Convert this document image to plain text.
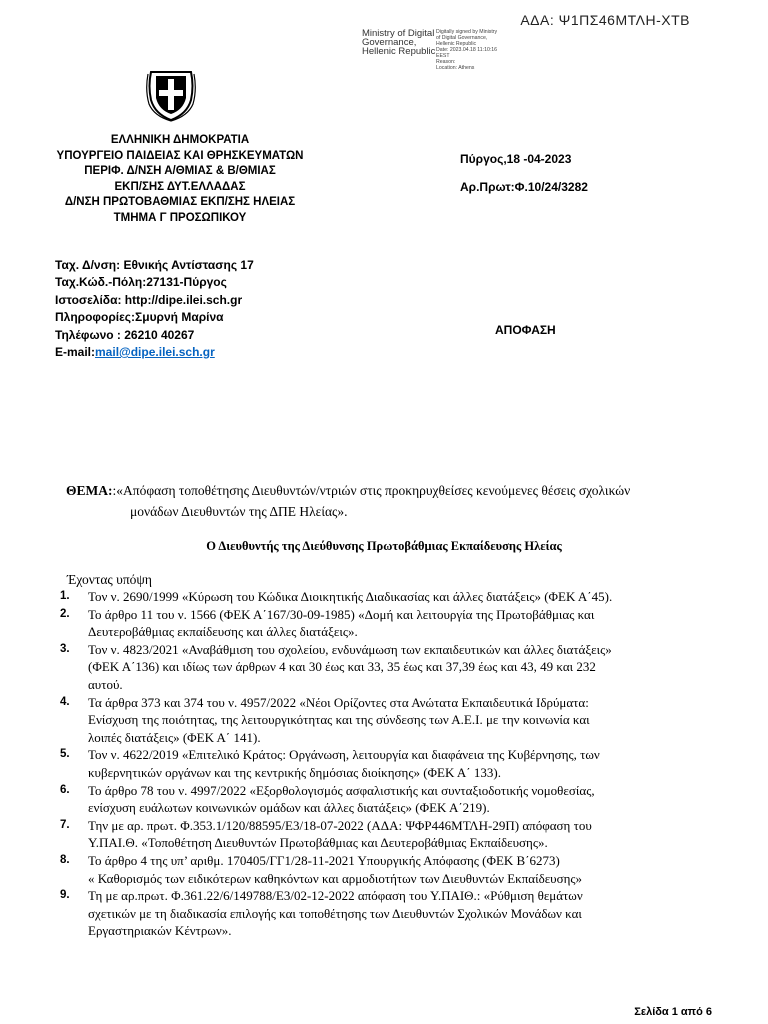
ΑΔΑ: Ψ1ΠΣ46ΜΤΛΗ-ΧΤΒ
Ministry of Digital
Governance,
Hellenic Republic
Digitally signed by Ministry
of Digital Governance,
Hellenic Republic
Date: 2023.04.18 11:10:16
EEST
Reason:
Location: Athens
ΕΛΛΗΝΙΚΗ ΔΗΜΟΚΡΑΤΙΑ
ΥΠΟΥΡΓΕΙΟ ΠΑΙΔΕΙΑΣ ΚΑΙ ΘΡΗΣΚΕΥΜΑΤΩΝ
ΠΕΡΙΦ. Δ/ΝΣΗ Α/ΘΜΙΑΣ & Β/ΘΜΙΑΣ
ΕΚΠ/ΣΗΣ ΔΥΤ.ΕΛΛΑΔΑΣ
Δ/ΝΣΗ ΠΡΩΤΟΒΑΘΜΙΑΣ ΕΚΠ/ΣΗΣ ΗΛΕΙΑΣ
ΤΜΗΜΑ Γ ΠΡΟΣΩΠΙΚΟΥ
Πύργος,18 -04-2023
Αρ.Πρωτ:Φ.10/24/3282
Ταχ. Δ/νση: Εθνικής Αντίστασης 17
Ταχ.Κώδ.-Πόλη:27131-Πύργος
Ιστοσελίδα: http://dipe.ilei.sch.gr
Πληροφορίες:Σμυρνή Μαρίνα
Τηλέφωνο : 26210 40267
E-mail:mail@dipe.ilei.sch.gr
ΑΠΟΦΑΣΗ
ΘΕΜΑ::«Απόφαση τοποθέτησης Διευθυντών/ντριών στις προκηρυχθείσες κενούμενες θέσεις σχολικών
μονάδων Διευθυντών της ΔΠΕ Ηλείας».
Ο Διευθυντής της Διεύθυνσης Πρωτοβάθμιας Εκπαίδευσης Ηλείας
Έχοντας υπόψη
1. Τον ν. 2690/1999 «Κύρωση του Κώδικα Διοικητικής Διαδικασίας και άλλες διατάξεις» (ΦΕΚ Α΄45).
2. Το άρθρο 11 του ν. 1566 (ΦΕΚ Α΄167/30-09-1985) «Δομή και λειτουργία της Πρωτοβάθμιας και
Δευτεροβάθμιας εκπαίδευσης και άλλες διατάξεις».
3. Τον ν. 4823/2021 «Αναβάθμιση του σχολείου, ενδυνάμωση των εκπαιδευτικών και άλλες διατάξεις»
(ΦΕΚ Α΄136) και ιδίως των άρθρων 4 και 30 έως και 33, 35 έως και 37,39 έως και 43, 49 και 232
αυτού.
4. Τα άρθρα 373 και 374 του ν. 4957/2022 «Νέοι Ορίζοντες στα Ανώτατα Εκπαιδευτικά Ιδρύματα:
Ενίσχυση της ποιότητας, της λειτουργικότητας και της σύνδεσης των Α.Ε.Ι. με την κοινωνία και
λοιπές διατάξεις» (ΦΕΚ Α΄ 141).
5. Τον ν. 4622/2019 «Επιτελικό Κράτος: Οργάνωση, λειτουργία και διαφάνεια της Κυβέρνησης, των
κυβερνητικών οργάνων και της κεντρικής δημόσιας διοίκησης» (ΦΕΚ Α΄ 133).
6. Το άρθρο 78 του ν. 4997/2022 «Εξορθολογισμός ασφαλιστικής και συνταξιοδοτικής νομοθεσίας,
ενίσχυση ευάλωτων κοινωνικών ομάδων και άλλες διατάξεις» (ΦΕΚ Α΄219).
7. Την με αρ. πρωτ. Φ.353.1/120/88595/Ε3/18-07-2022 (ΑΔΑ: ΨΦΡ446ΜΤΛΗ-29Π) απόφαση του
Υ.ΠΑΙ.Θ. «Τοποθέτηση Διευθυντών Πρωτοβάθμιας και Δευτεροβάθμιας Εκπαίδευσης».
8. Το άρθρο 4 της υπ’ αριθμ. 170405/ΓΓ1/28-11-2021 Υπουργικής Απόφασης (ΦΕΚ Β΄6273)
« Καθορισμός των ειδικότερων καθηκόντων και αρμοδιοτήτων των Διευθυντών Εκπαίδευσης»
9. Τη με αρ.πρωτ. Φ.361.22/6/149788/Ε3/02-12-2022 απόφαση του Υ.ΠΑΙΘ.: «Ρύθμιση θεμάτων
σχετικών με τη διαδικασία επιλογής και τοποθέτησης των Διευθυντών Σχολικών Μονάδων και
Εργαστηριακών Κέντρων».
Σελίδα 1 από 6
